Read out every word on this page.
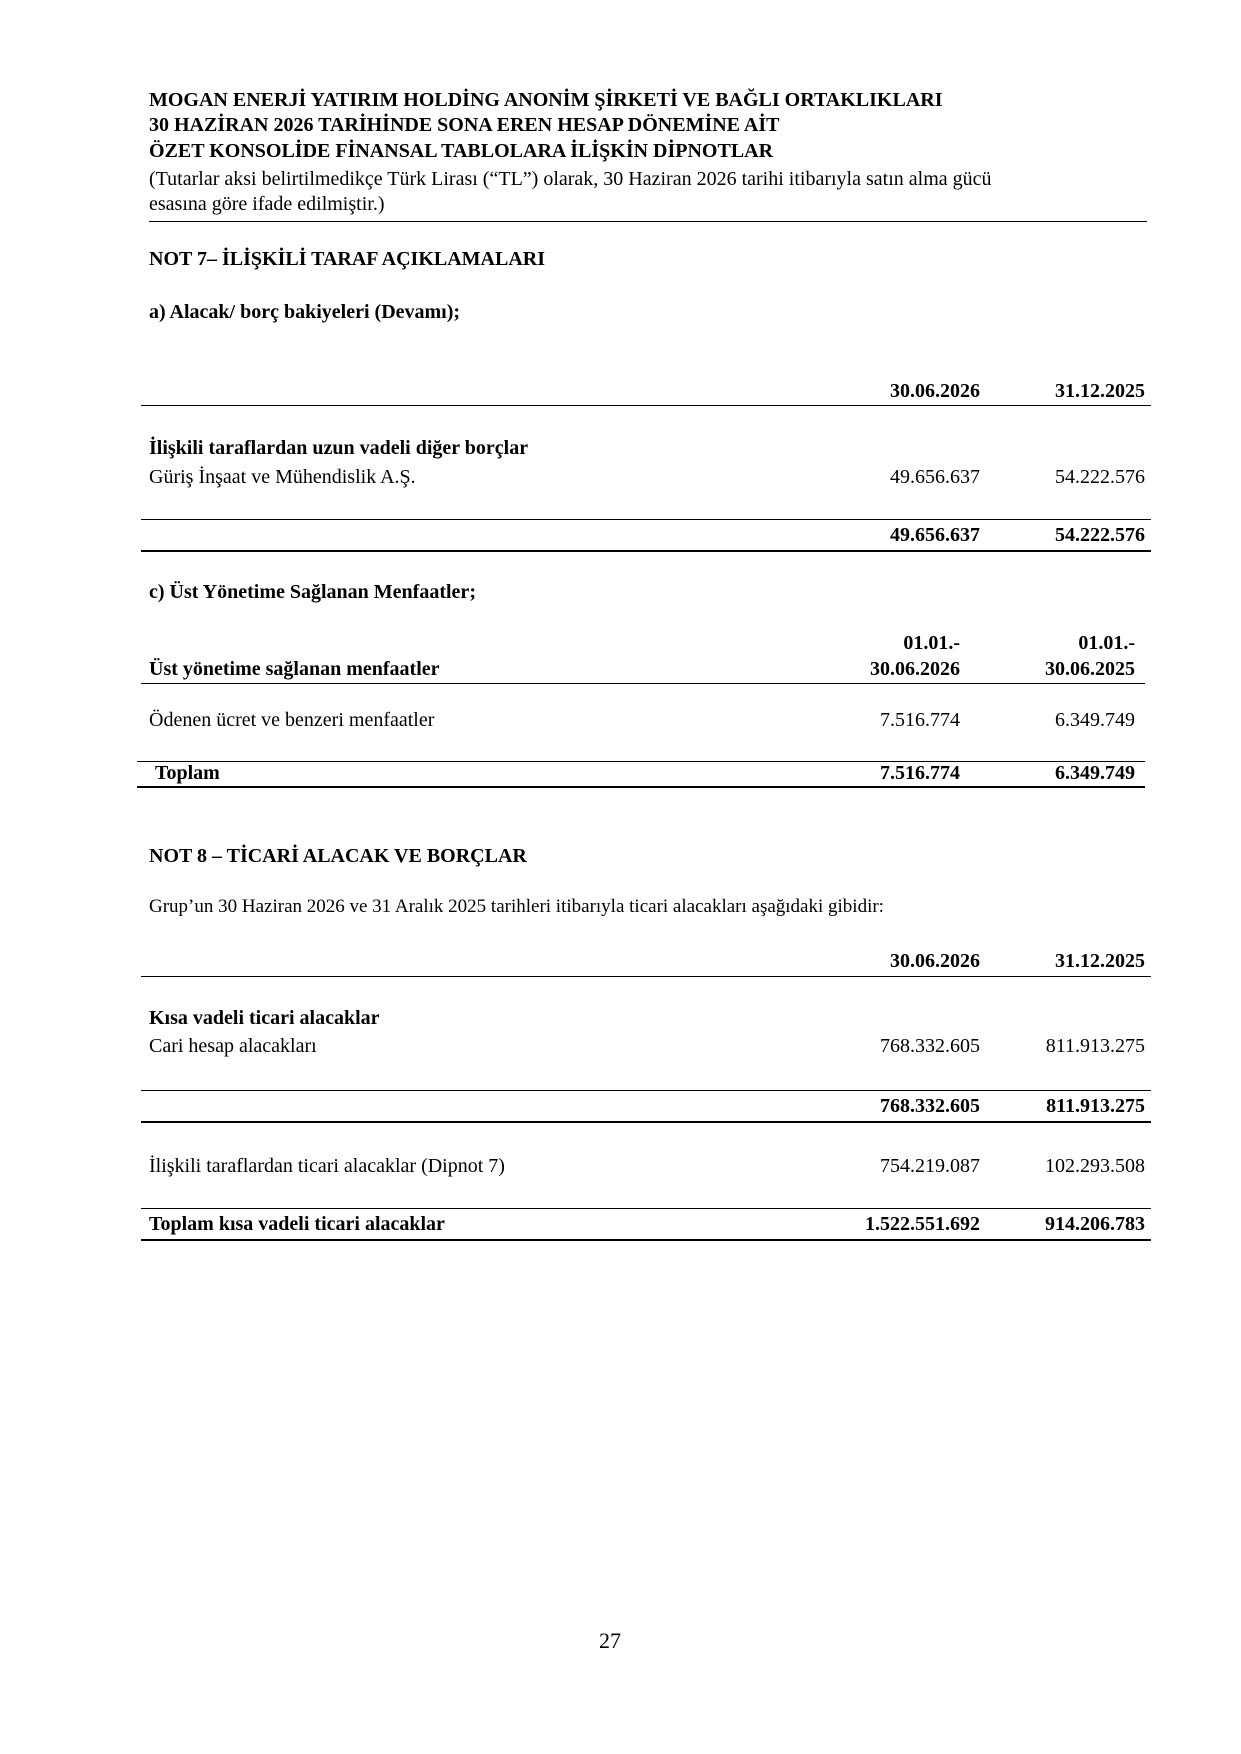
MOGAN ENERJİ YATIRIM HOLDİNG ANONİM ŞİRKETİ VE BAĞLI ORTAKLIKLARI
30 HAZİRAN 2026 TARİHİNDE SONA EREN HESAP DÖNEMİNE AİT
ÖZET KONSOLİDE FİNANSAL TABLOLARA İLİŞKİN DİPNOTLAR
(Tutarlar aksi belirtilmedikçe Türk Lirası (“TL”) olarak, 30 Haziran 2026 tarihi itibarıyla satın alma gücü
esasına göre ifade edilmiştir.)
NOT 7– İLİŞKİLİ TARAF AÇIKLAMALARI
a) Alacak/ borç bakiyeleri (Devamı);
30.06.2026	31.12.2025
İlişkili taraflardan uzun vadeli diğer borçlar
Güriş İnşaat ve Mühendislik A.Ş.	49.656.637	54.222.576
49.656.637	54.222.576
c) Üst Yönetime Sağlanan Menfaatler;
01.01.-	01.01.-
Üst yönetime sağlanan menfaatler	30.06.2026	30.06.2025
Ödenen ücret ve benzeri menfaatler	7.516.774	6.349.749
Toplam	7.516.774	6.349.749
NOT 8 – TİCARİ ALACAK VE BORÇLAR
Grup’un 30 Haziran 2026 ve 31 Aralık 2025 tarihleri itibarıyla ticari alacakları aşağıdaki gibidir:
30.06.2026	31.12.2025
Kısa vadeli ticari alacaklar
Cari hesap alacakları	768.332.605	811.913.275
768.332.605	811.913.275
İlişkili taraflardan ticari alacaklar (Dipnot 7)	754.219.087	102.293.508
Toplam kısa vadeli ticari alacaklar	1.522.551.692	914.206.783
27
